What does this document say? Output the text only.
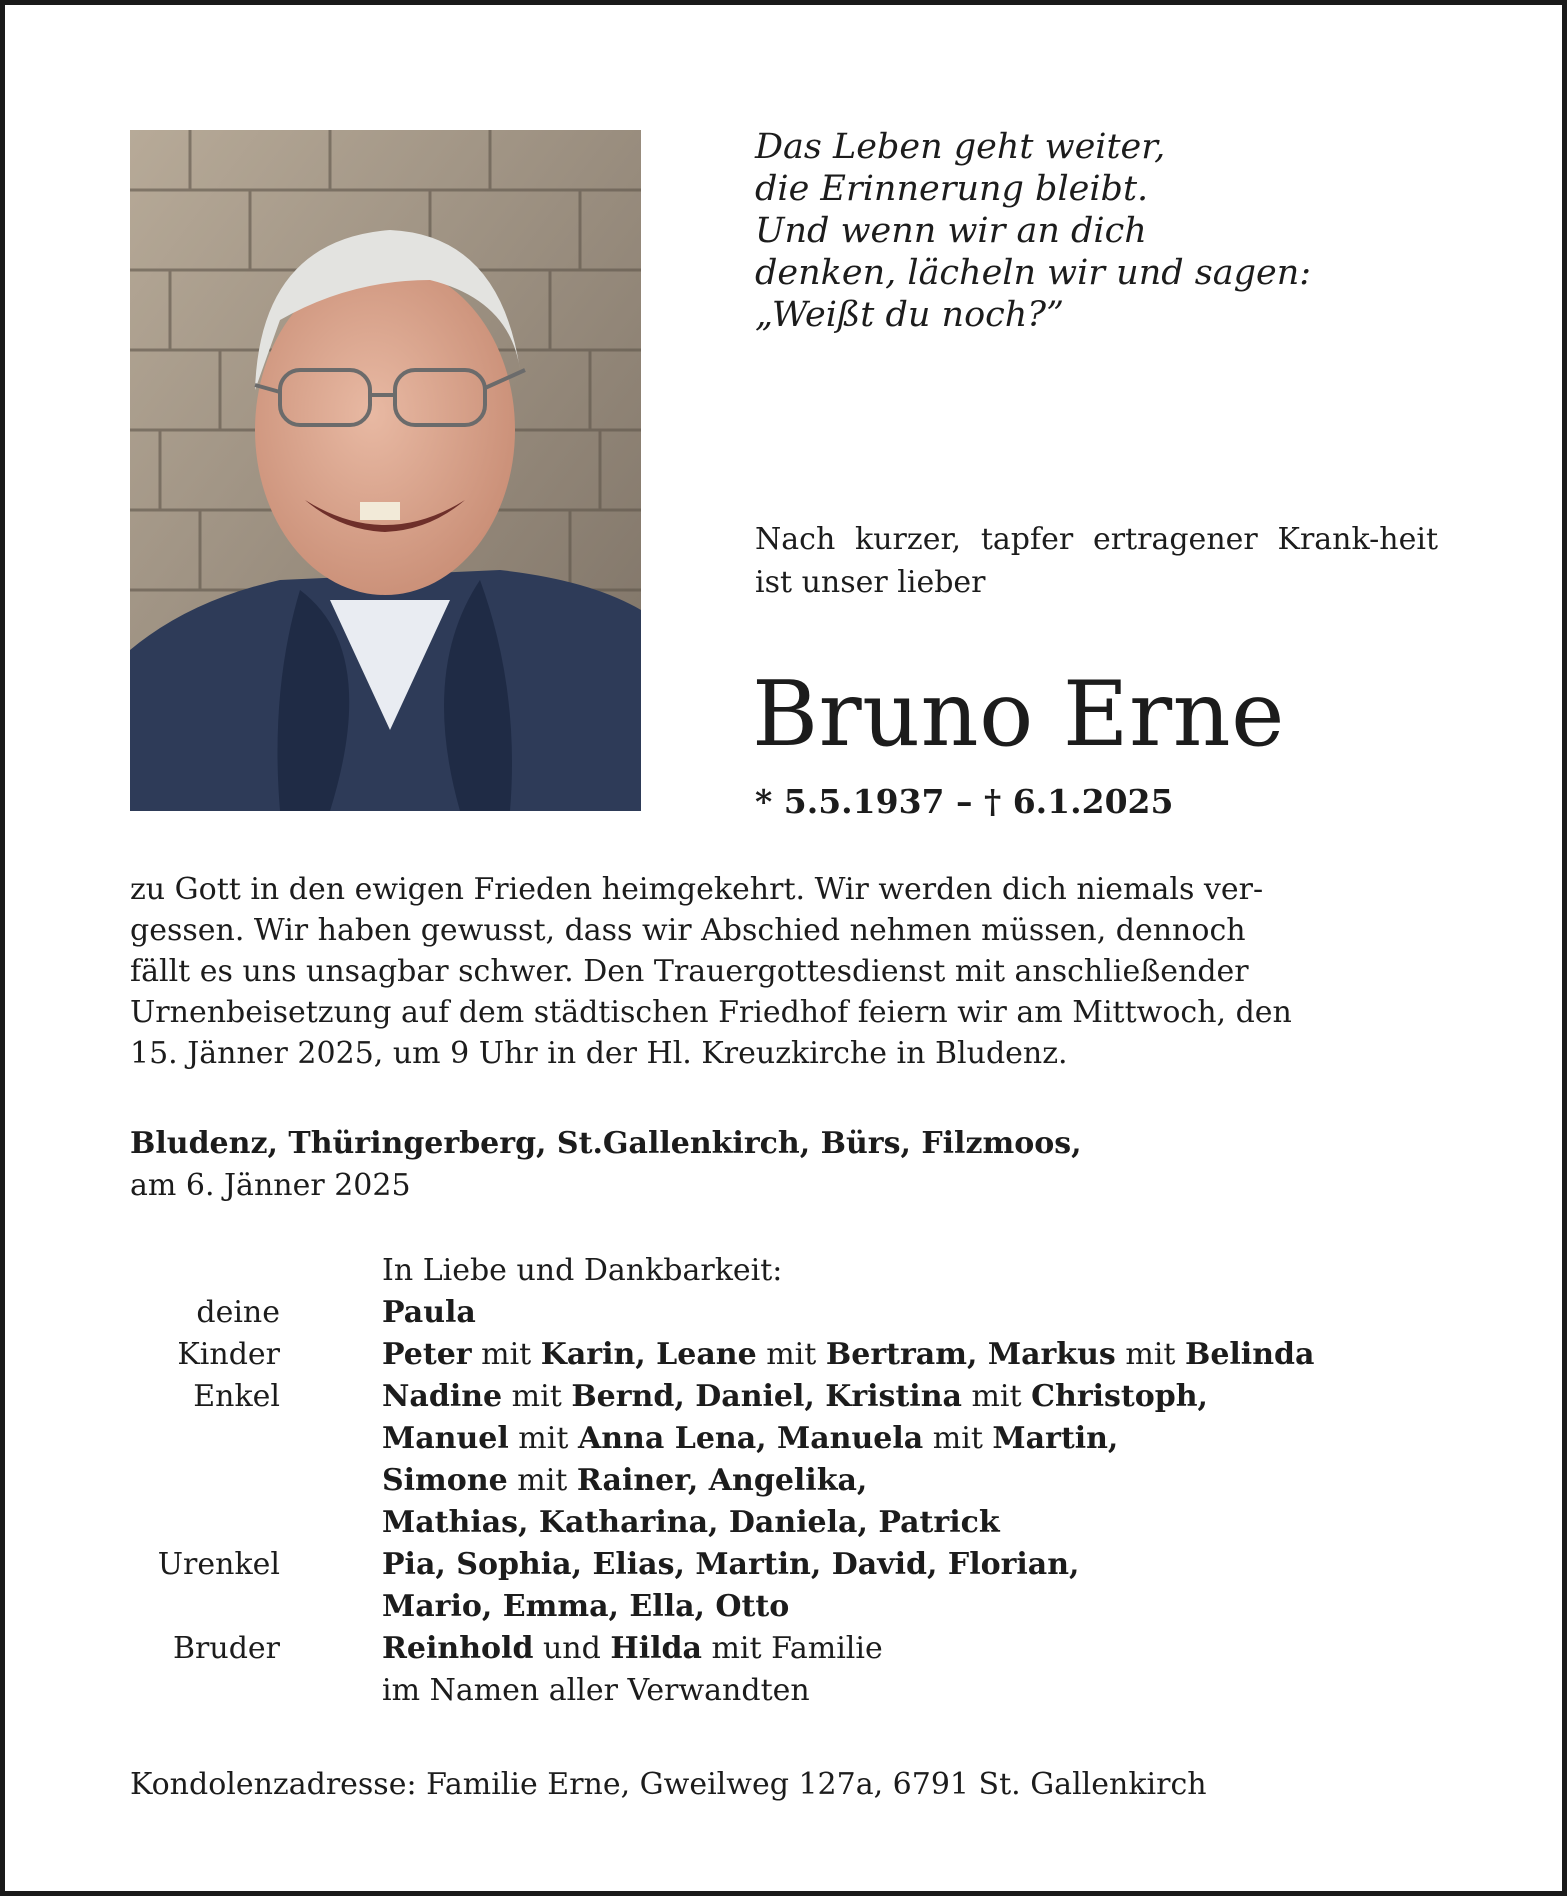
Das Leben geht weiter,
die Erinnerung bleibt.
Und wenn wir an dich
denken, lächeln wir und sagen:
„Weißt du noch?”
Nach kurzer, tapfer ertragener Krank-heit ist unser lieber
Bruno Erne
* 5.5.1937 – † 6.1.2025
zu Gott in den ewigen Frieden heimgekehrt. Wir werden dich niemals ver-
gessen. Wir haben gewusst, dass wir Abschied nehmen müssen, dennoch
fällt es uns unsagbar schwer. Den Trauergottesdienst mit anschließender
Urnenbeisetzung auf dem städtischen Friedhof feiern wir am Mittwoch, den
15. Jänner 2025, um 9 Uhr in der Hl. Kreuzkirche in Bludenz.
Bludenz, Thüringerberg, St.Gallenkirch, Bürs, Filzmoos,
am 6. Jänner 2025
In Liebe und Dankbarkeit:
deine	Paula
Kinder	Peter mit Karin, Leane mit Bertram, Markus mit Belinda
Enkel	Nadine mit Bernd, Daniel, Kristina mit Christoph,
Manuel mit Anna Lena, Manuela mit Martin,
Simone mit Rainer, Angelika,
Mathias, Katharina, Daniela, Patrick
Urenkel	Pia, Sophia, Elias, Martin, David, Florian,
Mario, Emma, Ella, Otto
Bruder	Reinhold und Hilda mit Familie
im Namen aller Verwandten
Kondolenzadresse: Familie Erne, Gweilweg 127a, 6791 St. Gallenkirch
